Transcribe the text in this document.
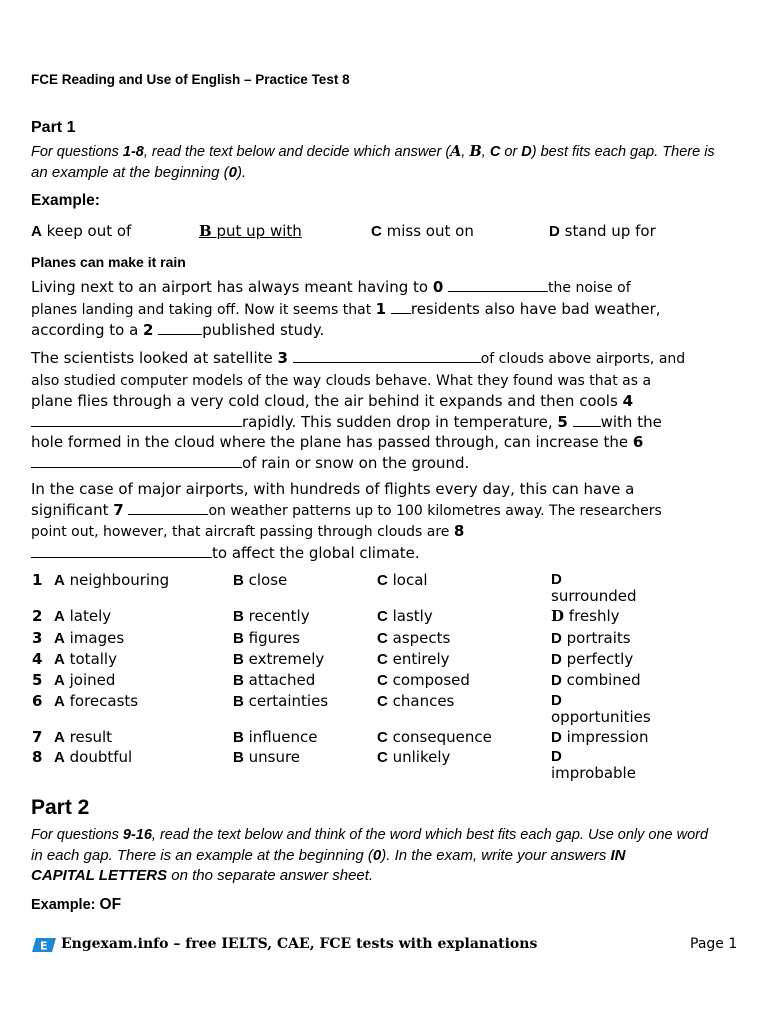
FCE Reading and Use of English – Practice Test 8
Part 1
For questions 1-8, read the text below and decide which answer (A, B, C or D) best fits each gap. There is
an example at the beginning (0).
Example:
A keep out of	B put up with	C miss out on	D stand up for
Planes can make it rain

Living next to an airport has always meant having to 0	the noise of

planes landing and taking off. Now it seems that 1 residents also have bad weather,

according to a 2	published study.

The scientists looked at satellite 3	of clouds above airports, and

also studied computer models of the way clouds behave. What they found was that as a

plane flies through a very cold cloud, the air behind it expands and then cools 4

rapidly. This sudden drop in temperature, 5 with the

hole formed in the cloud where the plane has passed through, can increase the 6

of rain or snow on the ground.

In the case of major airports, with hundreds of flights every day, this can have a

significant 7	on weather patterns up to 100 kilometres away. The researchers

point out, however, that aircraft passing through clouds are 8

to affect the global climate.

1 A neighbouring	B close	C local	D
surrounded
2 A lately	B recently	C lastly	D freshly
3 A images	B figures	C aspects	D portraits
4 A totally	B extremely	C entirely	D perfectly
5 A joined	B attached	C composed	D combined
6 A forecasts	B certainties	C chances	D
opportunities
7 A result	B influence	C consequence	D impression
8 A doubtful	B unsure	C unlikely	D
improbable
Part 2
For questions 9-16, read the text below and think of the word which best fits each gap. Use only one word
in each gap. There is an example at the beginning (0). In the exam, write your answers IN
CAPITAL LETTERS on tho separate answer sheet.
Example: OF
E Engexam.info – free IELTS, CAE, FCE tests with explanations	Page 1
